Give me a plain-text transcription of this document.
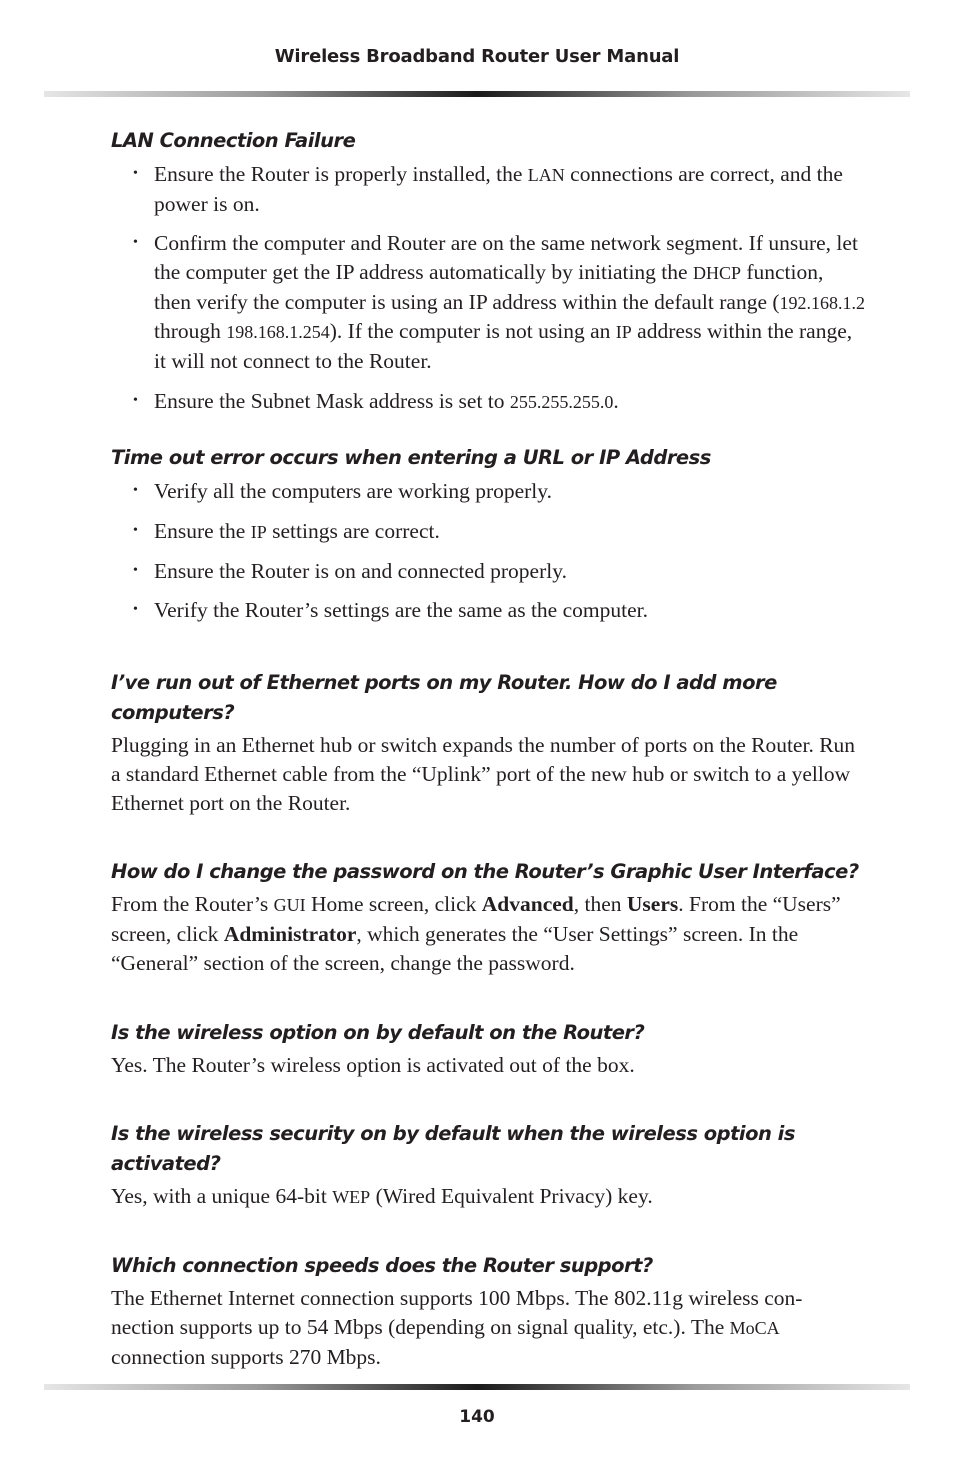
Wireless Broadband Router User Manual
LAN Connection Failure
• Ensure the Router is properly installed, the LAN connections are correct, and the power is on.
• Confirm the computer and Router are on the same network segment. If unsure, let the computer get the IP address automatically by initiating the DHCP function, then verify the computer is using an IP address within the default range (192.168.1.2 through 198.168.1.254). If the computer is not using an IP address within the range, it will not connect to the Router.
• Ensure the Subnet Mask address is set to 255.255.255.0.
Time out error occurs when entering a URL or IP Address
• Verify all the computers are working properly.
• Ensure the IP settings are correct.
• Ensure the Router is on and connected properly.
• Verify the Router’s settings are the same as the computer.
I’ve run out of Ethernet ports on my Router. How do I add more computers?

Plugging in an Ethernet hub or switch expands the number of ports on the Router. Run a standard Ethernet cable from the “Uplink” port of the new hub or switch to a yellow Ethernet port on the Router.

How do I change the password on the Router’s Graphic User Interface?

From the Router’s GUI Home screen, click Advanced, then Users. From the “Users” screen, click Administrator, which generates the “User Settings” screen. In the “General” section of the screen, change the password.

Is the wireless option on by default on the Router?

Yes. The Router’s wireless option is activated out of the box.

Is the wireless security on by default when the wireless option is activated?

Yes, with a unique 64-bit WEP (Wired Equivalent Privacy) key.

Which connection speeds does the Router support?

The Ethernet Internet connection supports 100 Mbps. The 802.11g wireless con-nection supports up to 54 Mbps (depending on signal quality, etc.). The MoCA connection supports 270 Mbps.

140
